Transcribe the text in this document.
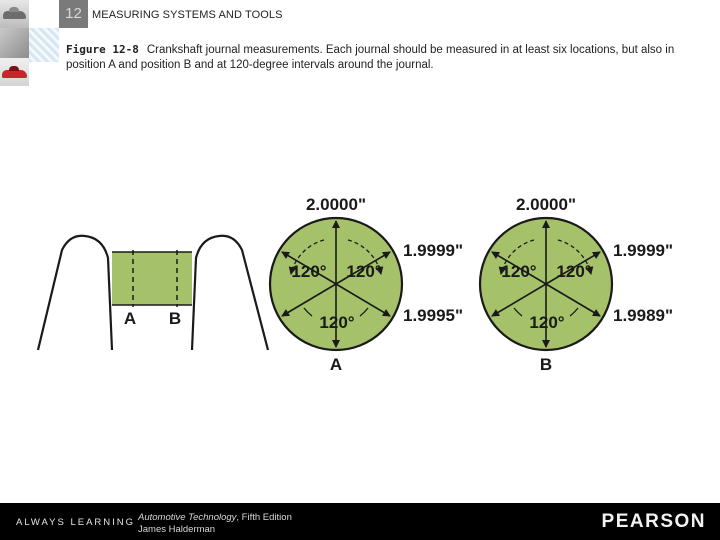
12 MEASURING SYSTEMS AND TOOLS
Figure 12-8 Crankshaft journal measurements. Each journal should be measured in at least six locations, but also in position A and position B and at 120-degree intervals around the journal.
A B
120° 120°
120°
2.0000"
1.9999"
1.9995"
A
120° 120°
120°
2.0000"
1.9999"
1.9989"
B
ALWAYS LEARNING Automotive Technology, Fifth Edition
James Halderman	PEARSON
